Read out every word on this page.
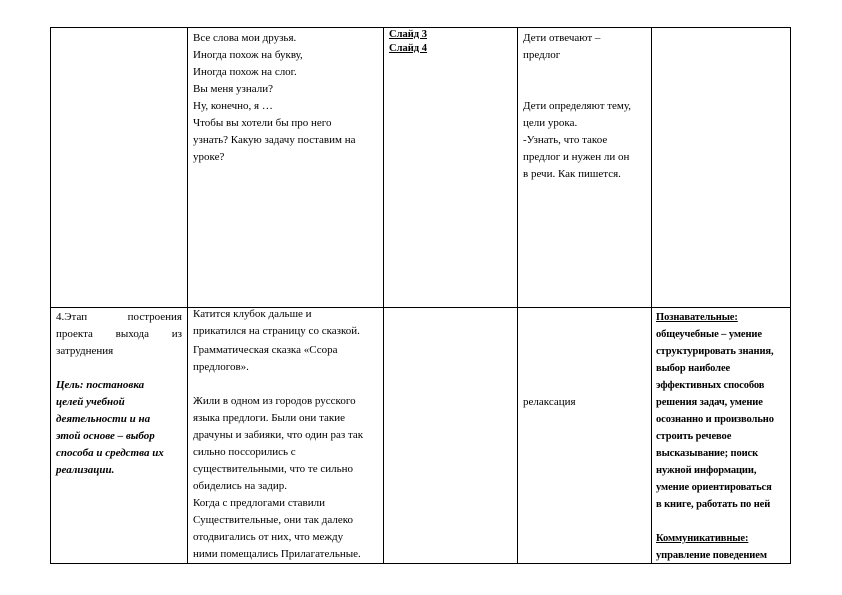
Все слова мои друзья.

Иногда похож на букву,

Иногда похож на слог.

Вы меня узнали?

Ну, конечно, я …

Чтобы вы хотели бы про него

узнать? Какую задачу поставим на

уроке?

Слайд 3

Слайд 4

Дети отвечают –

предлог

Дети определяют тему,

цели урока.

-Узнать, что такое

предлог и нужен ли он

в речи. Как пишется.

4.Этап построения

проекта выхода из

затруднения

Цель: постановка

целей учебной

деятельности и на

этой основе – выбор

способа и средства их

реализации.

Катится клубок дальше и

прикатился на страницу со сказкой.

Грамматическая сказка «Ссора

предлогов».

Жили в одном из городов русского

языка предлоги. Были они такие

драчуны и забияки, что один раз так

сильно поссорились с

существительными, что те сильно

обиделись на задир.

Когда с предлогами ставили

Существительные, они так далеко

отодвигались от них, что между

ними помещались Прилагательные.

релаксация

Познавательные:

общеучебные – умение

структурировать знания,

выбор наиболее

эффективных способов

решения задач, умение

осознанно и произвольно

строить речевое

высказывание; поиск

нужной информации,

умение ориентироваться

в книге, работать по ней

Коммуникативные:

управление поведением
